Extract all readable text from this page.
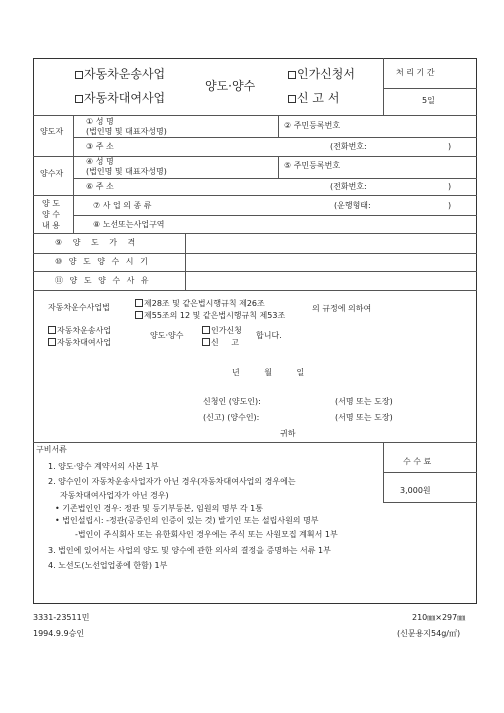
자동차운송사업
자동차대여사업
양도·양수
인가신청서
신 고 서
처 리 기 간
5일
양도자
① 성 명
(법인명 및 대표자성명)
② 주민등록번호
③ 주 소	(전화번호:	)
양수자
④ 성 명
(법인명 및 대표자성명)
⑤ 주민등록번호
⑥ 주 소	(전화번호:	)
양 도
양 수
내 용
⑦ 사 업 의 종 류	(운행형태:	)
⑧ 노선또는사업구역
⑨ 양 도 가 격
⑩ 양 도 양 수 시 기
⑪ 양 도 양 수 사 유
자동차운수사업법	제28조 및 같은법시행규칙 제26조
제55조의 12 및 같은법시행규칙 제53조
의 규정에 의하여
자동차운송사업
자동차대여사업
양도·양수
인가신청
신 고
합니다.
년 월 일
신청인 (양도인):	(서명 또는 도장)
(신고) (양수인):	(서명 또는 도장)
귀하
구비서류
수 수 료
3,000원
1. 양도·양수 계약서의 사본 1부
2. 양수인이 자동차운송사업자가 아닌 경우(자동차대여사업의 경우에는
자동차대여사업자가 아닌 경우)
• 기존법인인 경우: 정관 및 등기부등본, 임원의 명부 각 1통
• 법인설립시: -정관(공증인의 인증이 있는 것) 발기인 또는 설립사원의 명부
-법인이 주식회사 또는 유한회사인 경우에는 주식 또는 사원모집 계획서 1부
3. 법인에 있어서는 사업의 양도 및 양수에 관한 의사의 결정을 증명하는 서류 1부
4. 노선도(노선업업종에 한함) 1부
3331-23511민
1994.9.9승인
210㎜×297㎜
(신문용지54g/㎡)
